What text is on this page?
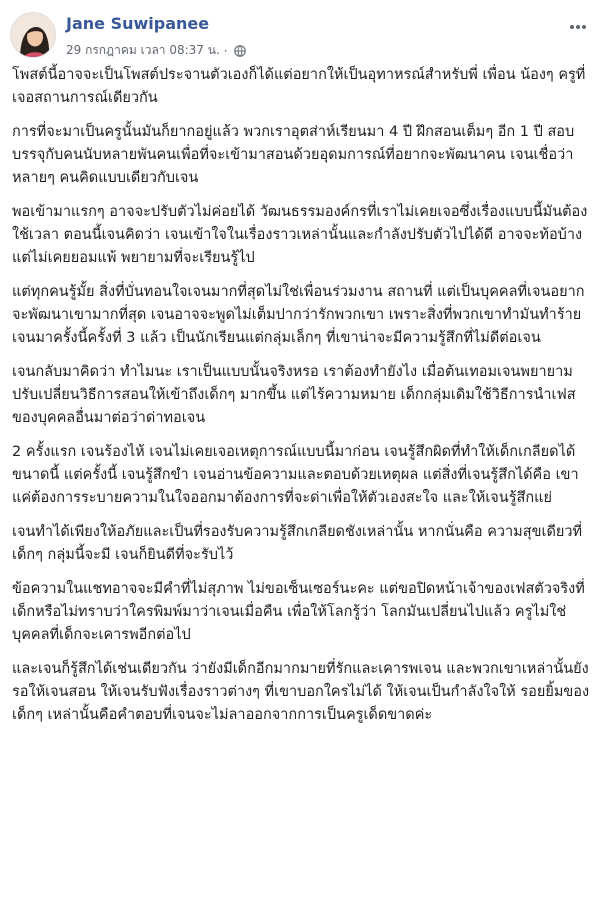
Jane Suwipanee
29 กรกฎาคม เวลา 08:37 น. ·

โพสต์นี้อาจจะเป็นโพสต์ประจานตัวเองก็ได้แต่อยากให้เป็นอุทาหรณ์สำหรับพี่ เพื่อน น้องๆ ครูที่เจอสถานการณ์เดียวกัน

การที่จะมาเป็นครูนั้นมันก็ยากอยู่แล้ว พวกเราอุตส่าห์เรียนมา 4 ปี ฝึกสอนเต็มๆ อีก 1 ปี สอบบรรจุกับคนนับหลายพันคนเพื่อที่จะเข้ามาสอนด้วยอุดมการณ์ที่อยากจะพัฒนาคน เจนเชื่อว่าหลายๆ คนคิดแบบเดียวกับเจน

พอเข้ามาแรกๆ อาจจะปรับตัวไม่ค่อยได้ วัฒนธรรมองค์กรที่เราไม่เคยเจอซึ่งเรื่องแบบนี้มันต้องใช้เวลา ตอนนี้เจนคิดว่า เจนเข้าใจในเรื่องราวเหล่านั้นและกำลังปรับตัวไปได้ดี อาจจะท้อบ้าง แต่ไม่เคยยอมแพ้ พยายามที่จะเรียนรู้ไป

แต่ทุกคนรู้มั้ย สิ่งที่บั่นทอนใจเจนมากที่สุดไม่ใช่เพื่อนร่วมงาน สถานที่ แต่เป็นบุคคลที่เจนอยากจะพัฒนาเขามากที่สุด เจนอาจจะพูดไม่เต็มปากว่ารักพวกเขา เพราะสิ่งที่พวกเขาทำมันทำร้ายเจนมาครั้งนี้ครั้งที่ 3 แล้ว เป็นนักเรียนแต่กลุ่มเล็กๆ ที่เขาน่าจะมีความรู้สึกที่ไม่ดีต่อเจน

เจนกลับมาคิดว่า ทำไมนะ เราเป็นแบบนั้นจริงหรอ เราต้องทำยังไง เมื่อต้นเทอมเจนพยายามปรับเปลี่ยนวิธีการสอนให้เข้าถึงเด็กๆ มากขึ้น แต่ไร้ความหมาย เด็กกลุ่มเดิมใช้วิธีการนำเฟสของบุคคลอื่นมาต่อว่าด่าทอเจน

2 ครั้งแรก เจนร้องไห้ เจนไม่เคยเจอเหตุการณ์แบบนี้มาก่อน เจนรู้สึกผิดที่ทำให้เด็กเกลียดได้ขนาดนี้ แต่ครั้งนี้ เจนรู้สึกขำ เจนอ่านข้อความและตอบด้วยเหตุผล แต่สิ่งที่เจนรู้สึกได้คือ เขาแค่ต้องการระบายความในใจออกมาต้องการที่จะด่าเพื่อให้ตัวเองสะใจ และให้เจนรู้สึกแย่

เจนทำได้เพียงให้อภัยและเป็นที่รองรับความรู้สึกเกลียดชังเหล่านั้น หากนั่นคือ ความสุขเดียวที่เด็กๆ กลุ่มนี้จะมี เจนก็ยินดีที่จะรับไว้

ข้อความในแชทอาจจะมีคำที่ไม่สุภาพ ไม่ขอเซ็นเซอร์นะคะ แต่ขอปิดหน้าเจ้าของเฟสตัวจริงที่เด็กหรือไม่ทราบว่าใครพิมพ์มาว่าเจนเมื่อคืน เพื่อให้โลกรู้ว่า โลกมันเปลี่ยนไปแล้ว ครูไม่ใช่บุคคลที่เด็กจะเคารพอีกต่อไป

และเจนก็รู้สึกได้เช่นเดียวกัน ว่ายังมีเด็กอีกมากมายที่รักและเคารพเจน และพวกเขาเหล่านั้นยังรอให้เจนสอน ให้เจนรับฟังเรื่องราวต่างๆ ที่เขาบอกใครไม่ได้ ให้เจนเป็นกำลังใจให้ รอยยิ้มของเด็กๆ เหล่านั้นคือคำตอบที่เจนจะไม่ลาออกจากการเป็นครูเด็ดขาดค่ะ
